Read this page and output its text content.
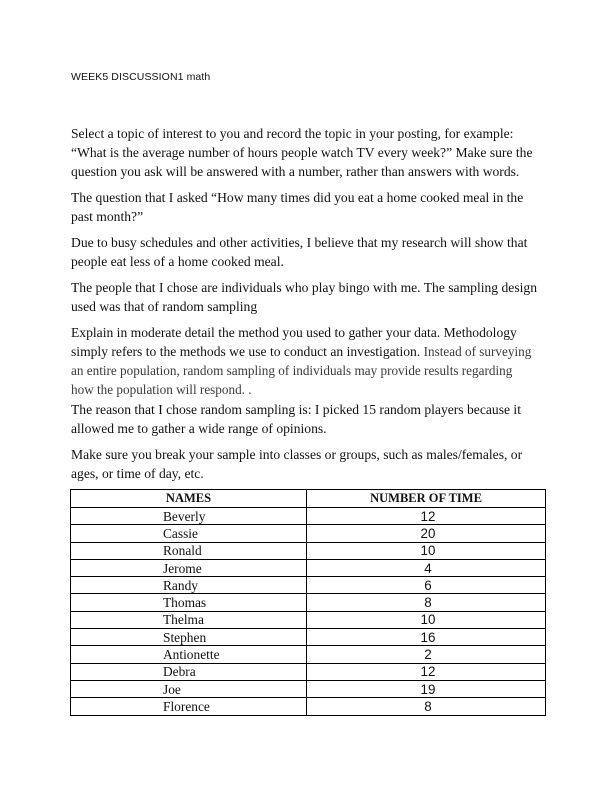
WEEK5 DISCUSSION1 math

Select a topic of interest to you and record the topic in your posting, for example:
“What is the average number of hours people watch TV every week?” Make sure the
question you ask will be answered with a number, rather than answers with words.

The question that I asked “How many times did you eat a home cooked meal in the
past month?”

Due to busy schedules and other activities, I believe that my research will show that
people eat less of a home cooked meal.

The people that I chose are individuals who play bingo with me. The sampling design
used was that of random sampling

Explain in moderate detail the method you used to gather your data. Methodology
simply refers to the methods we use to conduct an investigation. Instead of surveying
an entire population, random sampling of individuals may provide results regarding
how the population will respond. .

The reason that I chose random sampling is: I picked 15 random players because it
allowed me to gather a wide range of opinions.

Make sure you break your sample into classes or groups, such as males/females, or
ages, or time of day, etc.

NAMES	NUMBER OF TIME
Beverly	12
Cassie	20
Ronald	10
Jerome	4
Randy	6
Thomas	8
Thelma	10
Stephen	16
Antionette	2
Debra	12
Joe	19
Florence	8
